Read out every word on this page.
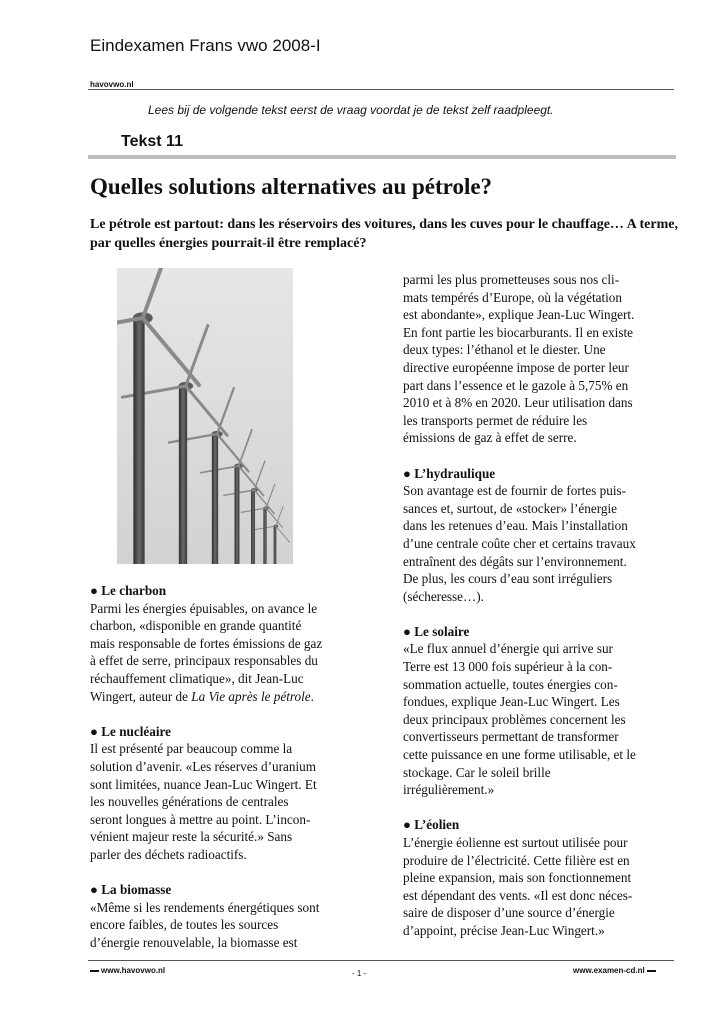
Eindexamen Frans vwo 2008-I
havovwo.nl
Lees bij de volgende tekst eerst de vraag voordat je de tekst zelf raadpleegt.
Tekst 11
Quelles solutions alternatives au pétrole?
Le pétrole est partout: dans les réservoirs des voitures, dans les cuves pour le chauffage… A terme, par quelles énergies pourrait-il être remplacé?

● Le charbon

Parmi les énergies épuisables, on avance le

charbon, «disponible en grande quantité

mais responsable de fortes émissions de gaz

à effet de serre, principaux responsables du

réchauffement climatique», dit Jean-Luc

Wingert, auteur de La Vie après le pétrole.

● Le nucléaire

Il est présenté par beaucoup comme la

solution d’avenir. «Les réserves d’uranium

sont limitées, nuance Jean-Luc Wingert. Et

les nouvelles générations de centrales

seront longues à mettre au point. L’incon-

vénient majeur reste la sécurité.» Sans

parler des déchets radioactifs.

● La biomasse

«Même si les rendements énergétiques sont

encore faibles, de toutes les sources

d’énergie renouvelable, la biomasse est

parmi les plus prometteuses sous nos cli-

mats tempérés d’Europe, où la végétation

est abondante», explique Jean-Luc Wingert.

En font partie les biocarburants. Il en existe

deux types: l’éthanol et le diester. Une

directive européenne impose de porter leur

part dans l’essence et le gazole à 5,75% en

2010 et à 8% en 2020. Leur utilisation dans

les transports permet de réduire les

émissions de gaz à effet de serre.

● L’hydraulique

Son avantage est de fournir de fortes puis-

sances et, surtout, de «stocker» l’énergie

dans les retenues d’eau. Mais l’installation

d’une centrale coûte cher et certains travaux

entraînent des dégâts sur l’environnement.

De plus, les cours d’eau sont irréguliers

(sécheresse…).

● Le solaire

«Le flux annuel d’énergie qui arrive sur

Terre est 13 000 fois supérieur à la con-

sommation actuelle, toutes énergies con-

fondues, explique Jean-Luc Wingert. Les

deux principaux problèmes concernent les

convertisseurs permettant de transformer

cette puissance en une forme utilisable, et le

stockage. Car le soleil brille

irrégulièrement.»

● L’éolien

L’énergie éolienne est surtout utilisée pour

produire de l’électricité. Cette filière est en

pleine expansion, mais son fonctionnement

est dépendant des vents. «Il est donc néces-

saire de disposer d’une source d’énergie

d’appoint, précise Jean-Luc Wingert.»

www.havovwo.nl	- 1 -	www.examen-cd.nl
